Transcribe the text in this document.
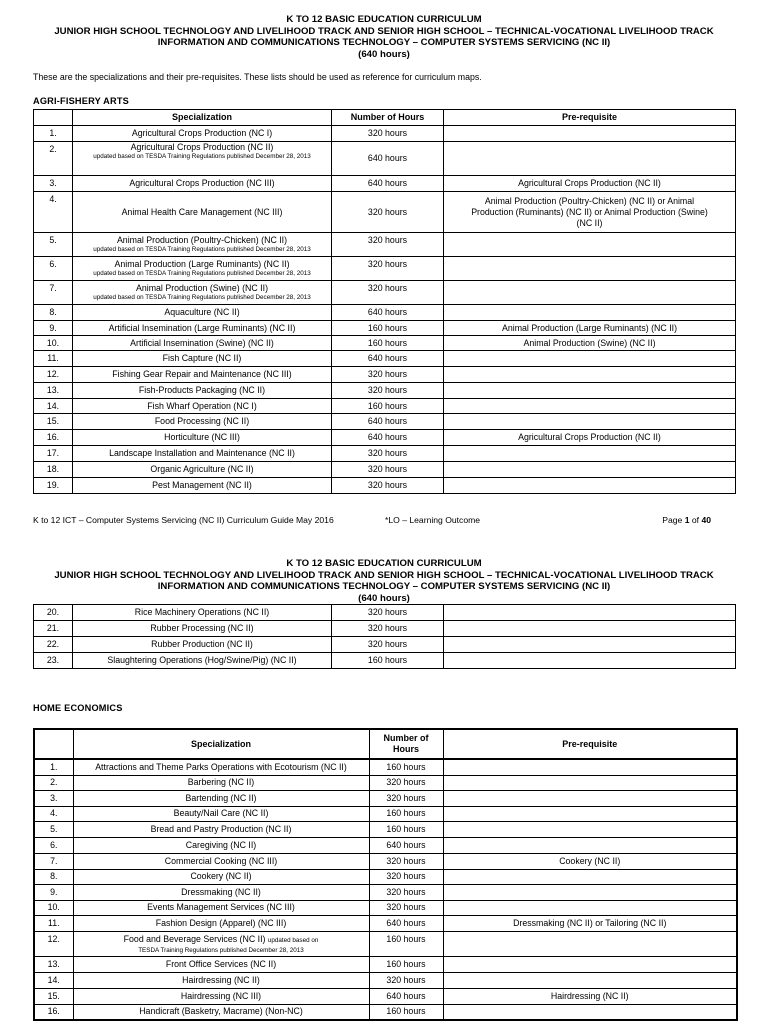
K TO 12 BASIC EDUCATION CURRICULUM
JUNIOR HIGH SCHOOL TECHNOLOGY AND LIVELIHOOD TRACK AND SENIOR HIGH SCHOOL – TECHNICAL-VOCATIONAL LIVELIHOOD TRACK
INFORMATION AND COMMUNICATIONS TECHNOLOGY – COMPUTER SYSTEMS SERVICING (NC II)
(640 hours)
These are the specializations and their pre-requisites. These lists should be used as reference for curriculum maps.
AGRI-FISHERY ARTS
	Specialization	Number of Hours	Pre-requisite
1.	Agricultural Crops Production (NC I)	320 hours	
2.	Agricultural Crops Production (NC II)
updated based on TESDA Training Regulations published December 28, 2013	640 hours	
3.	Agricultural Crops Production (NC III)	640 hours	Agricultural Crops Production (NC II)
4.	Animal Health Care Management (NC III)	320 hours	Animal Production (Poultry-Chicken) (NC II) or Animal Production (Ruminants) (NC II) or Animal Production (Swine) (NC II)
5.	Animal Production (Poultry-Chicken) (NC II)
updated based on TESDA Training Regulations published December 28, 2013	320 hours	
6.	Animal Production (Large Ruminants) (NC II)
updated based on TESDA Training Regulations published December 28, 2013	320 hours	
7.	Animal Production (Swine) (NC II)
updated based on TESDA Training Regulations published December 28, 2013	320 hours	
8.	Aquaculture (NC II)	640 hours	
9.	Artificial Insemination (Large Ruminants) (NC II)	160 hours	Animal Production (Large Ruminants) (NC II)
10.	Artificial Insemination (Swine) (NC II)	160 hours	Animal Production (Swine) (NC II)
11.	Fish Capture (NC II)	640 hours	
12.	Fishing Gear Repair and Maintenance (NC III)	320 hours	
13.	Fish-Products Packaging (NC II)	320 hours	
14.	Fish Wharf Operation (NC I)	160 hours	
15.	Food Processing (NC II)	640 hours	
16.	Horticulture (NC III)	640 hours	Agricultural Crops Production (NC II)
17.	Landscape Installation and Maintenance (NC II)	320 hours	
18.	Organic Agriculture (NC II)	320 hours	
19.	Pest Management (NC II)	320 hours	
K to 12 ICT – Computer Systems Servicing (NC II) Curriculum Guide May 2016	*LO – Learning Outcome	Page 1 of 40
K TO 12 BASIC EDUCATION CURRICULUM
JUNIOR HIGH SCHOOL TECHNOLOGY AND LIVELIHOOD TRACK AND SENIOR HIGH SCHOOL – TECHNICAL-VOCATIONAL LIVELIHOOD TRACK
INFORMATION AND COMMUNICATIONS TECHNOLOGY – COMPUTER SYSTEMS SERVICING (NC II)
(640 hours)
20.	Rice Machinery Operations (NC II)	320 hours	
21.	Rubber Processing (NC II)	320 hours	
22.	Rubber Production (NC II)	320 hours	
23.	Slaughtering Operations (Hog/Swine/Pig) (NC II)	160 hours	
HOME ECONOMICS
	Specialization	Number of Hours	Pre-requisite
1.	Attractions and Theme Parks Operations with Ecotourism (NC II)	160 hours	
2.	Barbering (NC II)	320 hours	
3.	Bartending (NC II)	320 hours	
4.	Beauty/Nail Care (NC II)	160 hours	
5.	Bread and Pastry Production (NC II)	160 hours	
6.	Caregiving (NC II)	640 hours	
7.	Commercial Cooking (NC III)	320 hours	Cookery (NC II)
8.	Cookery (NC II)	320 hours	
9.	Dressmaking (NC II)	320 hours	
10.	Events Management Services (NC III)	320 hours	
11.	Fashion Design (Apparel) (NC III)	640 hours	Dressmaking (NC II) or Tailoring (NC II)
12.	Food and Beverage Services (NC II) updated based on
TESDA Training Regulations published December 28, 2013	160 hours	
13.	Front Office Services (NC II)	160 hours	
14.	Hairdressing (NC II)	320 hours	
15.	Hairdressing (NC III)	640 hours	Hairdressing (NC II)
16.	Handicraft (Basketry, Macrame) (Non-NC)	160 hours	
